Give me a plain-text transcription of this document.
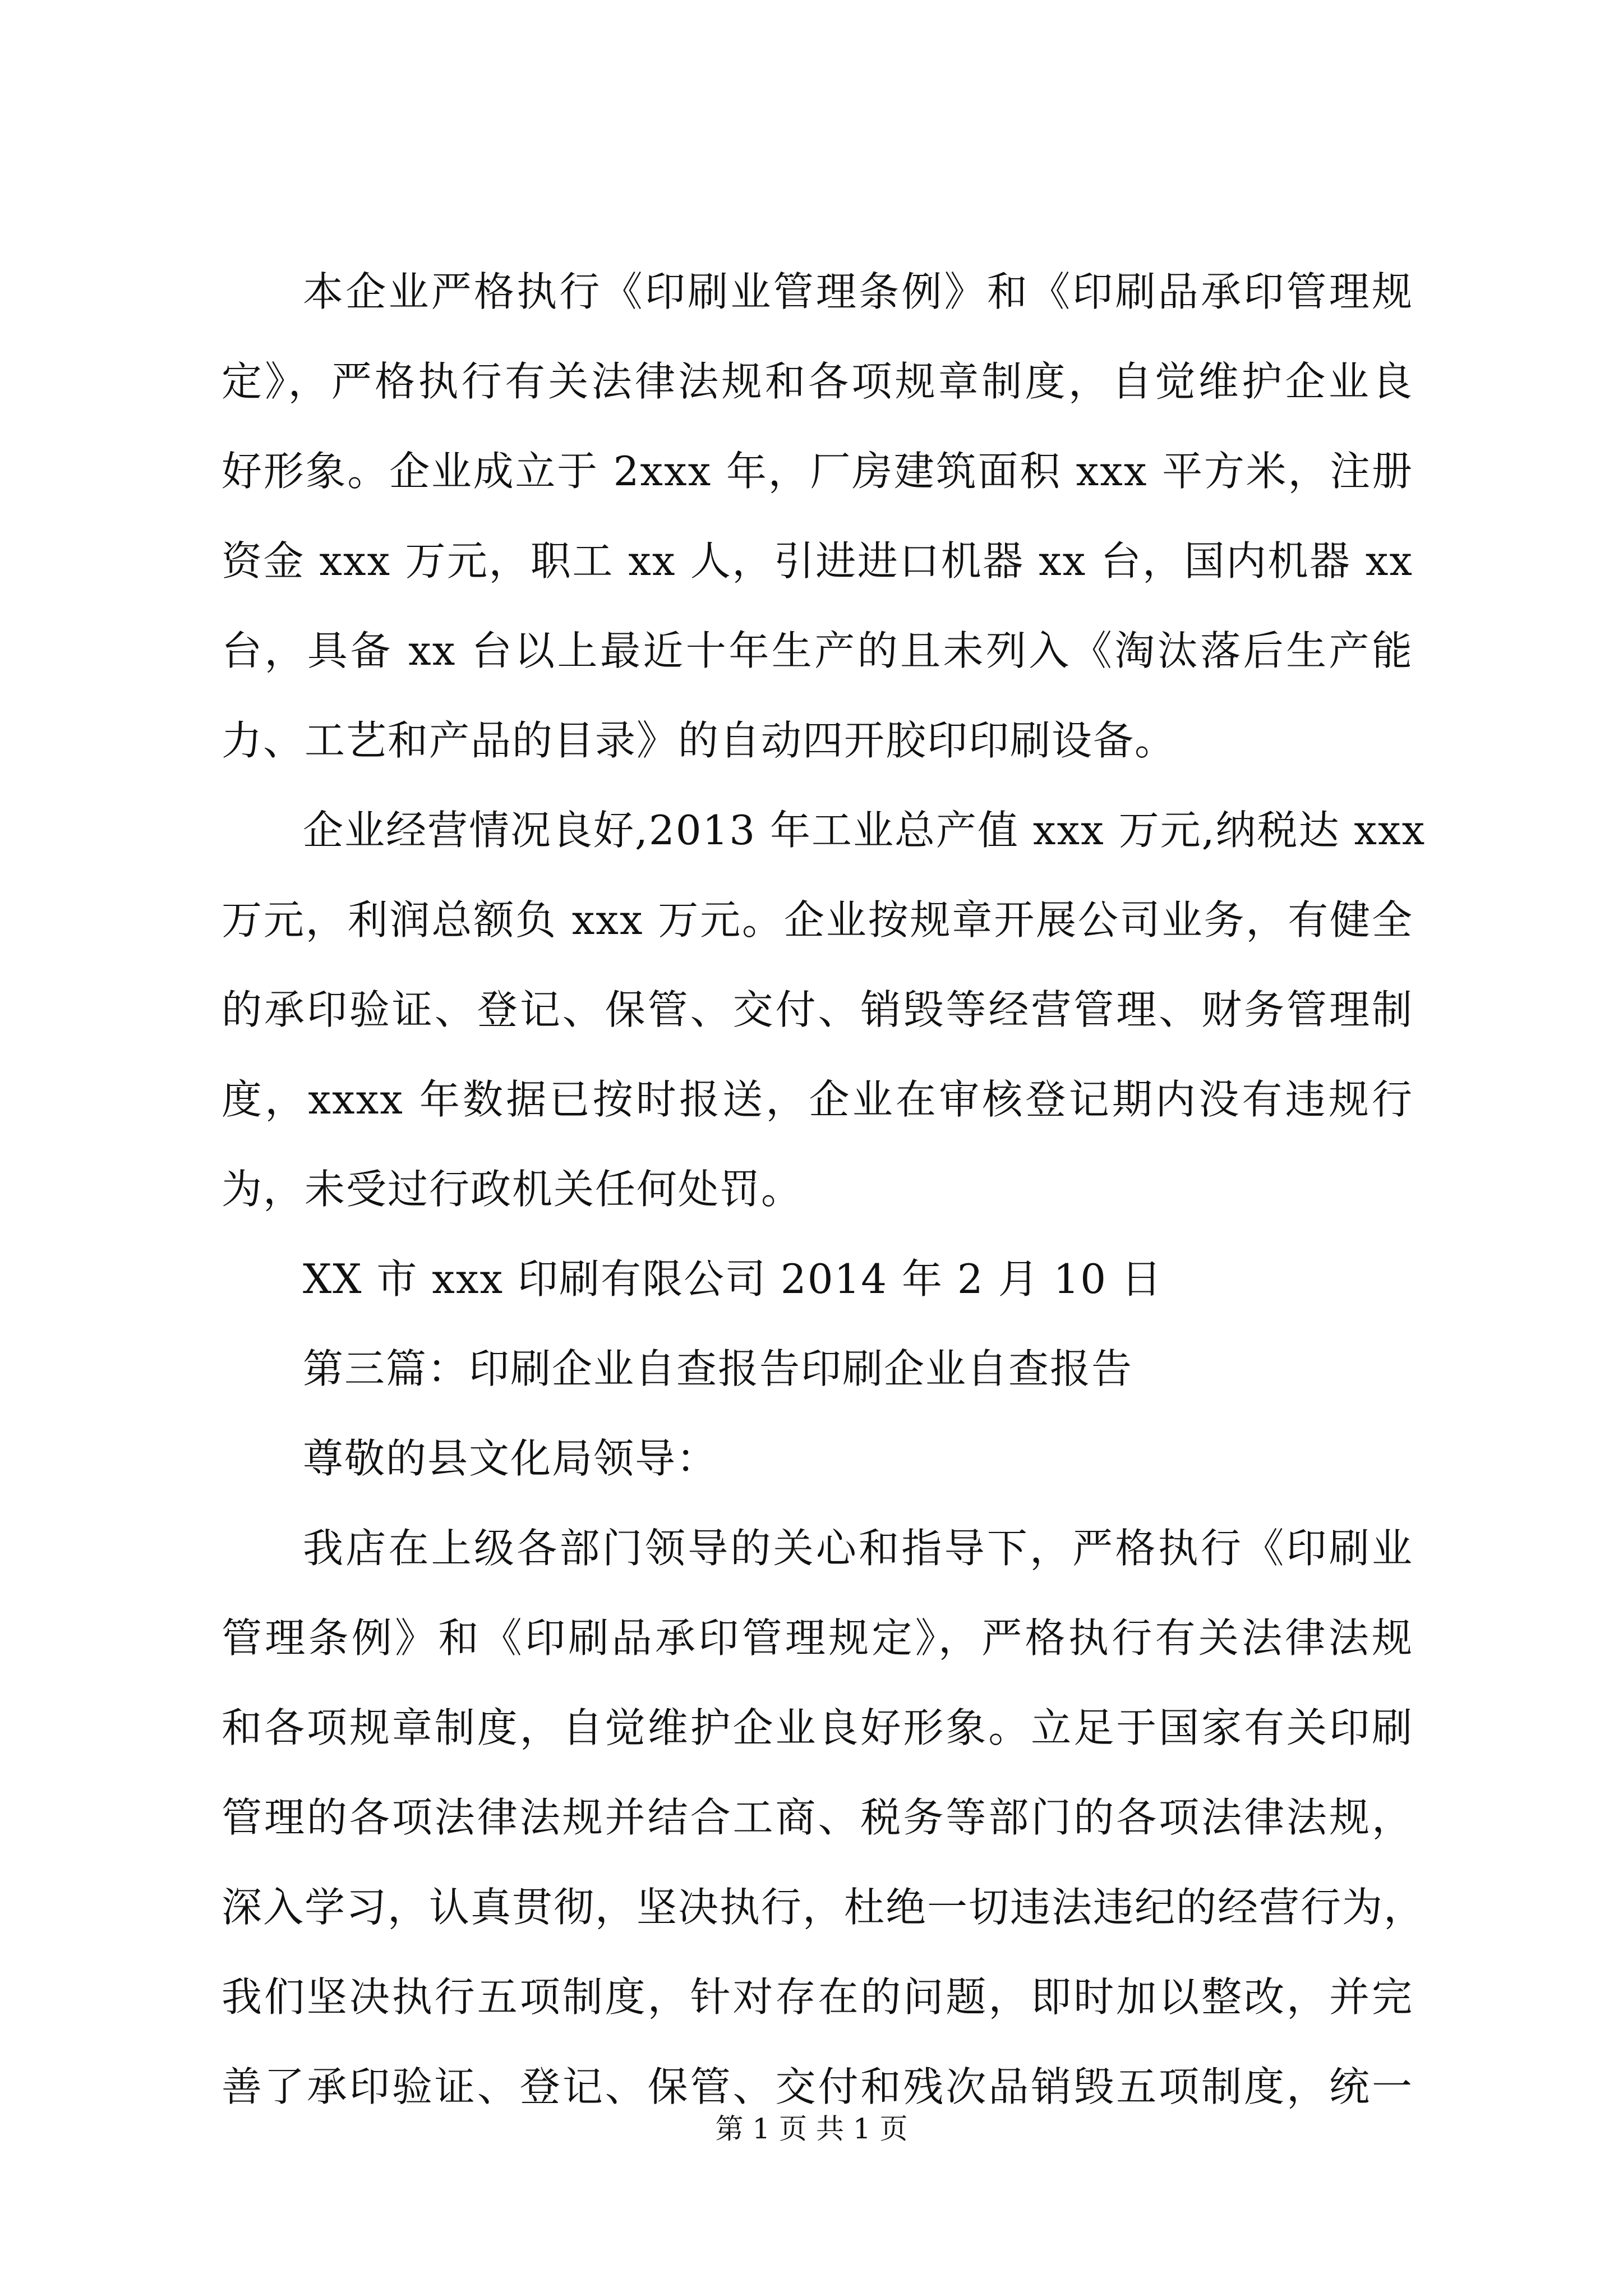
本企业严格执行《印刷业管理条例》和《印刷品承印管理规
定》，严格执行有关法律法规和各项规章制度，自觉维护企业良
好形象。企业成立于 2xxx 年，厂房建筑面积 xxx 平方米，注册
资金 xxx 万元，职工 xx 人，引进进口机器 xx 台，国内机器 xx
台，具备 xx 台以上最近十年生产的且未列入《淘汰落后生产能
力、工艺和产品的目录》的自动四开胶印印刷设备。
企业经营情况良好,2013 年工业总产值 xxx 万元,纳税达 xxx
万元，利润总额负 xxx 万元。企业按规章开展公司业务，有健全
的承印验证、登记、保管、交付、销毁等经营管理、财务管理制
度，xxxx 年数据已按时报送，企业在审核登记期内没有违规行
为，未受过行政机关任何处罚。
XX 市 xxx 印刷有限公司 2014 年 2 月 10 日
第三篇：印刷企业自查报告印刷企业自查报告
尊敬的县文化局领导：
我店在上级各部门领导的关心和指导下，严格执行《印刷业
管理条例》和《印刷品承印管理规定》，严格执行有关法律法规
和各项规章制度，自觉维护企业良好形象。立足于国家有关印刷
管理的各项法律法规并结合工商、税务等部门的各项法律法规，
深入学习，认真贯彻，坚决执行，杜绝一切违法违纪的经营行为，
我们坚决执行五项制度，针对存在的问题，即时加以整改，并完
善了承印验证、登记、保管、交付和残次品销毁五项制度，统一
第 1 页 共 1 页
